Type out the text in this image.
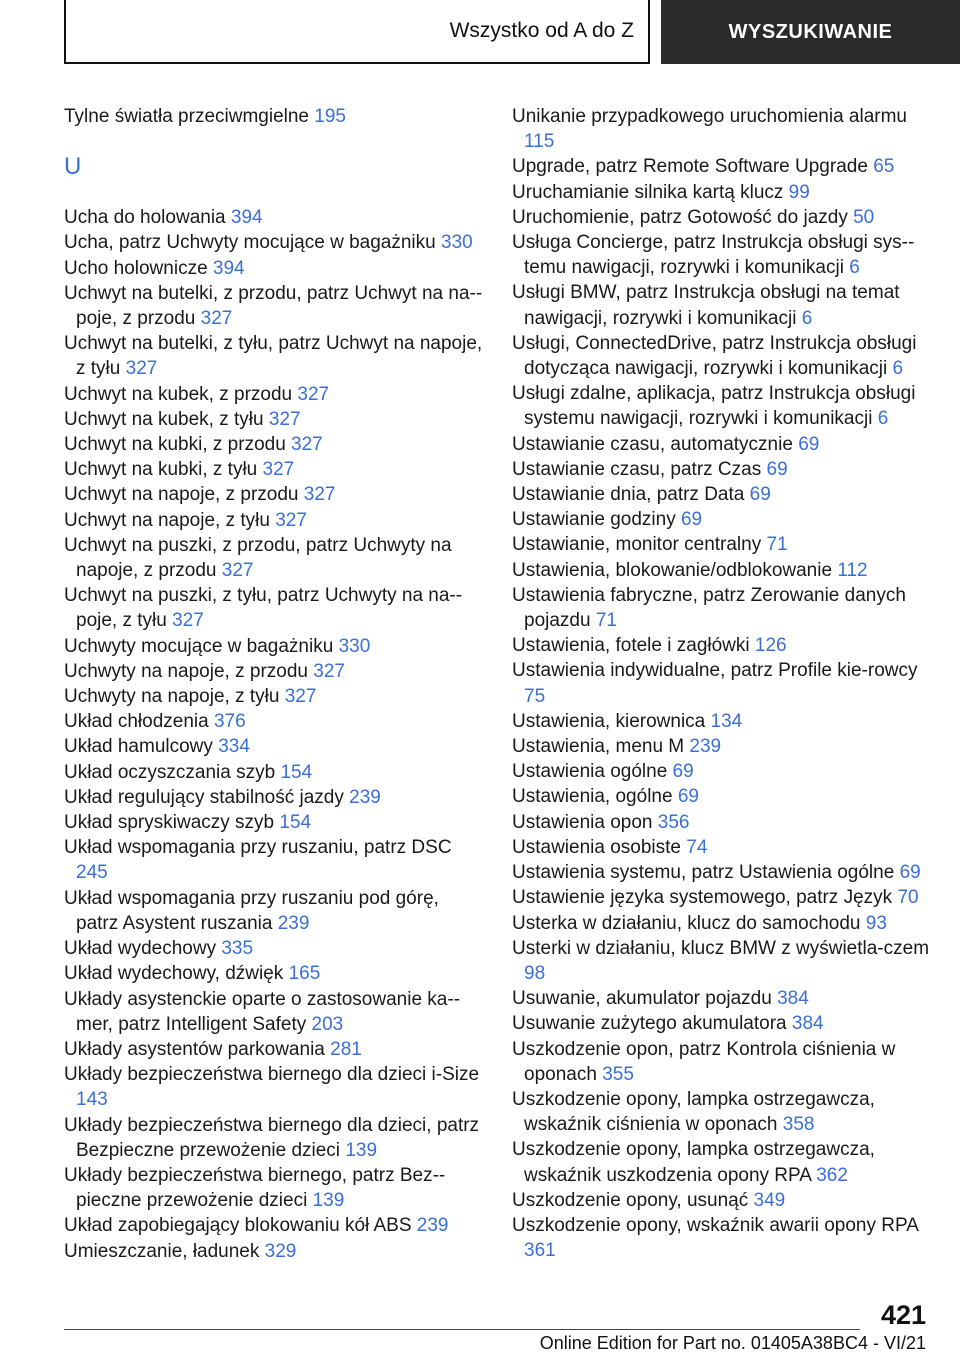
Wszystko od A do Z	WYSZUKIWANIE
Tylne światła przeciwmgielne 195
U
Ucha do holowania 394
Ucha, patrz Uchwyty mocujące w bagażniku 330
Ucho holownicze 394
Uchwyt na butelki, z przodu, patrz Uchwyt na na-poje, z przodu 327
Uchwyt na butelki, z tyłu, patrz Uchwyt na napoje, z tyłu 327
Uchwyt na kubek, z przodu 327
Uchwyt na kubek, z tyłu 327
Uchwyt na kubki, z przodu 327
Uchwyt na kubki, z tyłu 327
Uchwyt na napoje, z przodu 327
Uchwyt na napoje, z tyłu 327
Uchwyt na puszki, z przodu, patrz Uchwyty na napoje, z przodu 327
Uchwyt na puszki, z tyłu, patrz Uchwyty na na-poje, z tyłu 327
Uchwyty mocujące w bagażniku 330
Uchwyty na napoje, z przodu 327
Uchwyty na napoje, z tyłu 327
Układ chłodzenia 376
Układ hamulcowy 334
Układ oczyszczania szyb 154
Układ regulujący stabilność jazdy 239
Układ spryskiwaczy szyb 154
Układ wspomagania przy ruszaniu, patrz DSC 245
Układ wspomagania przy ruszaniu pod górę, patrz Asystent ruszania 239
Układ wydechowy 335
Układ wydechowy, dźwięk 165
Układy asystenckie oparte o zastosowanie ka-mer, patrz Intelligent Safety 203
Układy asystentów parkowania 281
Układy bezpieczeństwa biernego dla dzieci i-Size 143
Układy bezpieczeństwa biernego dla dzieci, patrz Bezpieczne przewożenie dzieci 139
Układy bezpieczeństwa biernego, patrz Bez-pieczne przewożenie dzieci 139
Układ zapobiegający blokowaniu kół ABS 239
Umieszczanie, ładunek 329
Unikanie przypadkowego uruchomienia alarmu 115
Upgrade, patrz Remote Software Upgrade 65
Uruchamianie silnika kartą klucz 99
Uruchomienie, patrz Gotowość do jazdy 50
Usługa Concierge, patrz Instrukcja obsługi sys-temu nawigacji, rozrywki i komunikacji 6
Usługi BMW, patrz Instrukcja obsługi na temat nawigacji, rozrywki i komunikacji 6
Usługi, ConnectedDrive, patrz Instrukcja obsługi dotycząca nawigacji, rozrywki i komunikacji 6
Usługi zdalne, aplikacja, patrz Instrukcja obsługi systemu nawigacji, rozrywki i komunikacji 6
Ustawianie czasu, automatycznie 69
Ustawianie czasu, patrz Czas 69
Ustawianie dnia, patrz Data 69
Ustawianie godziny 69
Ustawianie, monitor centralny 71
Ustawienia, blokowanie/odblokowanie 112
Ustawienia fabryczne, patrz Zerowanie danych pojazdu 71
Ustawienia, fotele i zagłówki 126
Ustawienia indywidualne, patrz Profile kie-rowcy 75
Ustawienia, kierownica 134
Ustawienia, menu M 239
Ustawienia ogólne 69
Ustawienia, ogólne 69
Ustawienia opon 356
Ustawienia osobiste 74
Ustawienia systemu, patrz Ustawienia ogólne 69
Ustawienie języka systemowego, patrz Język 70
Usterka w działaniu, klucz do samochodu 93
Usterki w działaniu, klucz BMW z wyświetla-czem 98
Usuwanie, akumulator pojazdu 384
Usuwanie zużytego akumulatora 384
Uszkodzenie opon, patrz Kontrola ciśnienia w oponach 355
Uszkodzenie opony, lampka ostrzegawcza, wskaźnik ciśnienia w oponach 358
Uszkodzenie opony, lampka ostrzegawcza, wskaźnik uszkodzenia opony RPA 362
Uszkodzenie opony, usunąć 349
Uszkodzenie opony, wskaźnik awarii opony RPA 361
421
Online Edition for Part no. 01405A38BC4 - VI/21
